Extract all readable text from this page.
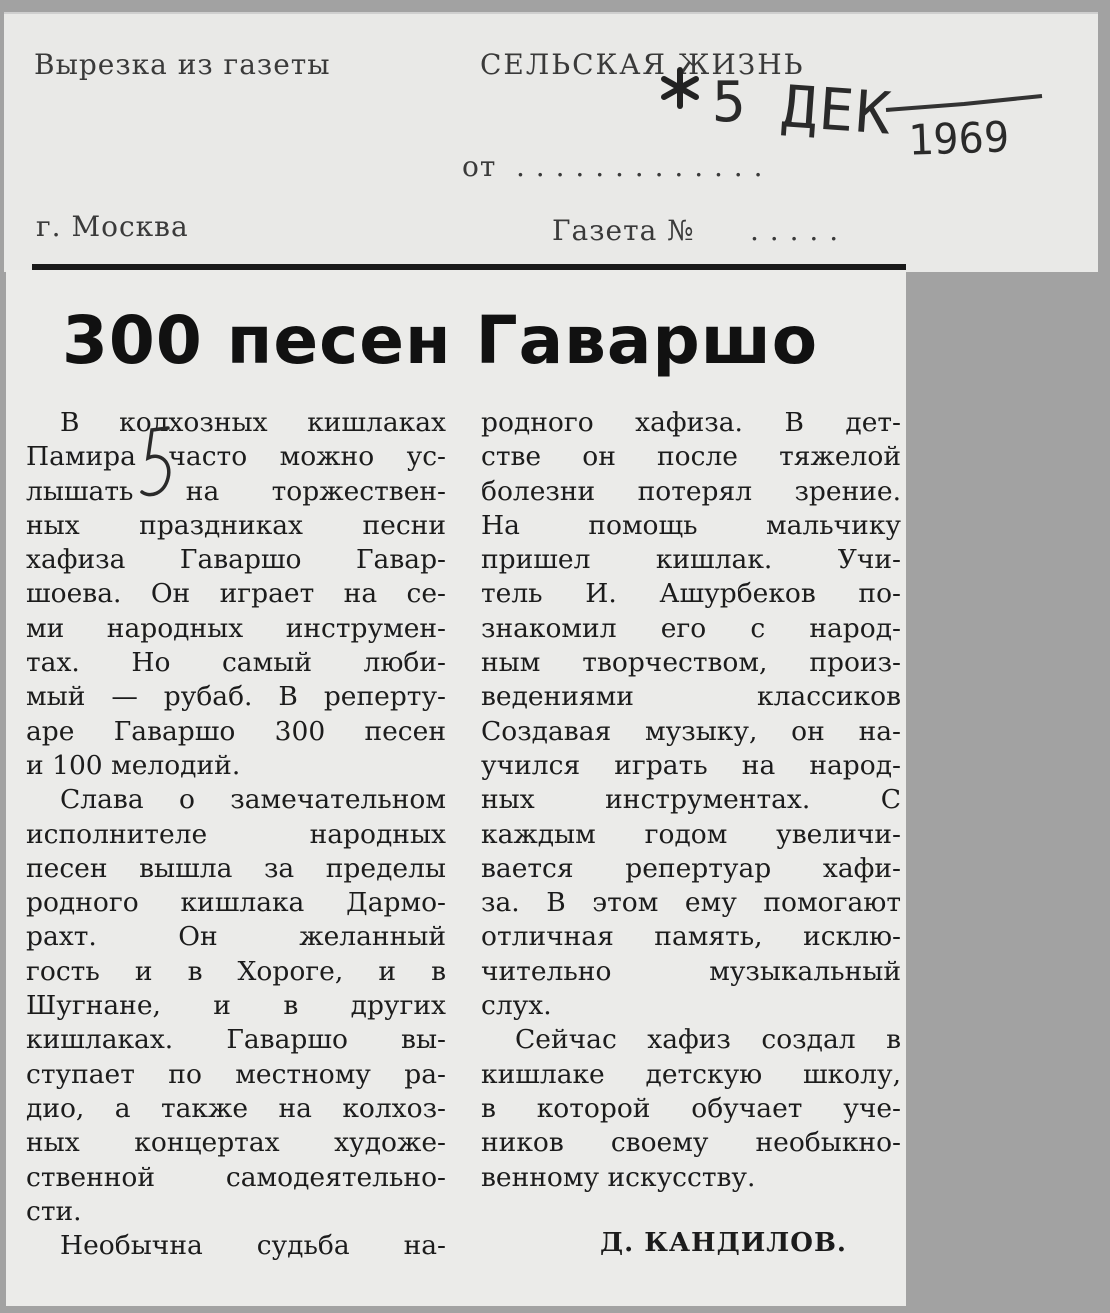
Вырезка из газеты	СЕЛЬСКАЯ ЖИЗНЬ
от . . . . . . . . . . . . .
г. Москва	Газета № . . . . .
5 ДЕК 1969
300 песен Гаваршо
В колхозных кишлаках
Памира часто можно ус-
лышать на торжествен-
ных праздниках песни
хафиза Гаваршо Гавар-
шоева. Он играет на се-
ми народных инструмен-
тах. Но самый люби-
мый — рубаб. В реперту-
аре Гаваршо 300 песен
и 100 мелодий.
Слава о замечательном
исполнителе народных
песен вышла за пределы
родного кишлака Дармо-
рахт. Он желанный
гость и в Хороге, и в
Шугнане, и в других
кишлаках. Гаваршо вы-
ступает по местному ра-
дио, а также на колхоз-
ных концертах художе-
ственной самодеятельно-
сти.
Необычна судьба на-
родного хафиза. В дет-
стве он после тяжелой
болезни потерял зрение.
На помощь мальчику
пришел кишлак. Учи-
тель И. Ашурбеков по-
знакомил его с народ-
ным творчеством, произ-
ведениями классиков
Создавая музыку, он на-
учился играть на народ-
ных инструментах. С
каждым годом увеличи-
вается репертуар хафи-
за. В этом ему помогают
отличная память, исклю-
чительно музыкальный
слух.
Сейчас хафиз создал в
кишлаке детскую школу,
в которой обучает уче-
ников своему необыкно-
венному искусству.
Д. КАНДИЛОВ.
